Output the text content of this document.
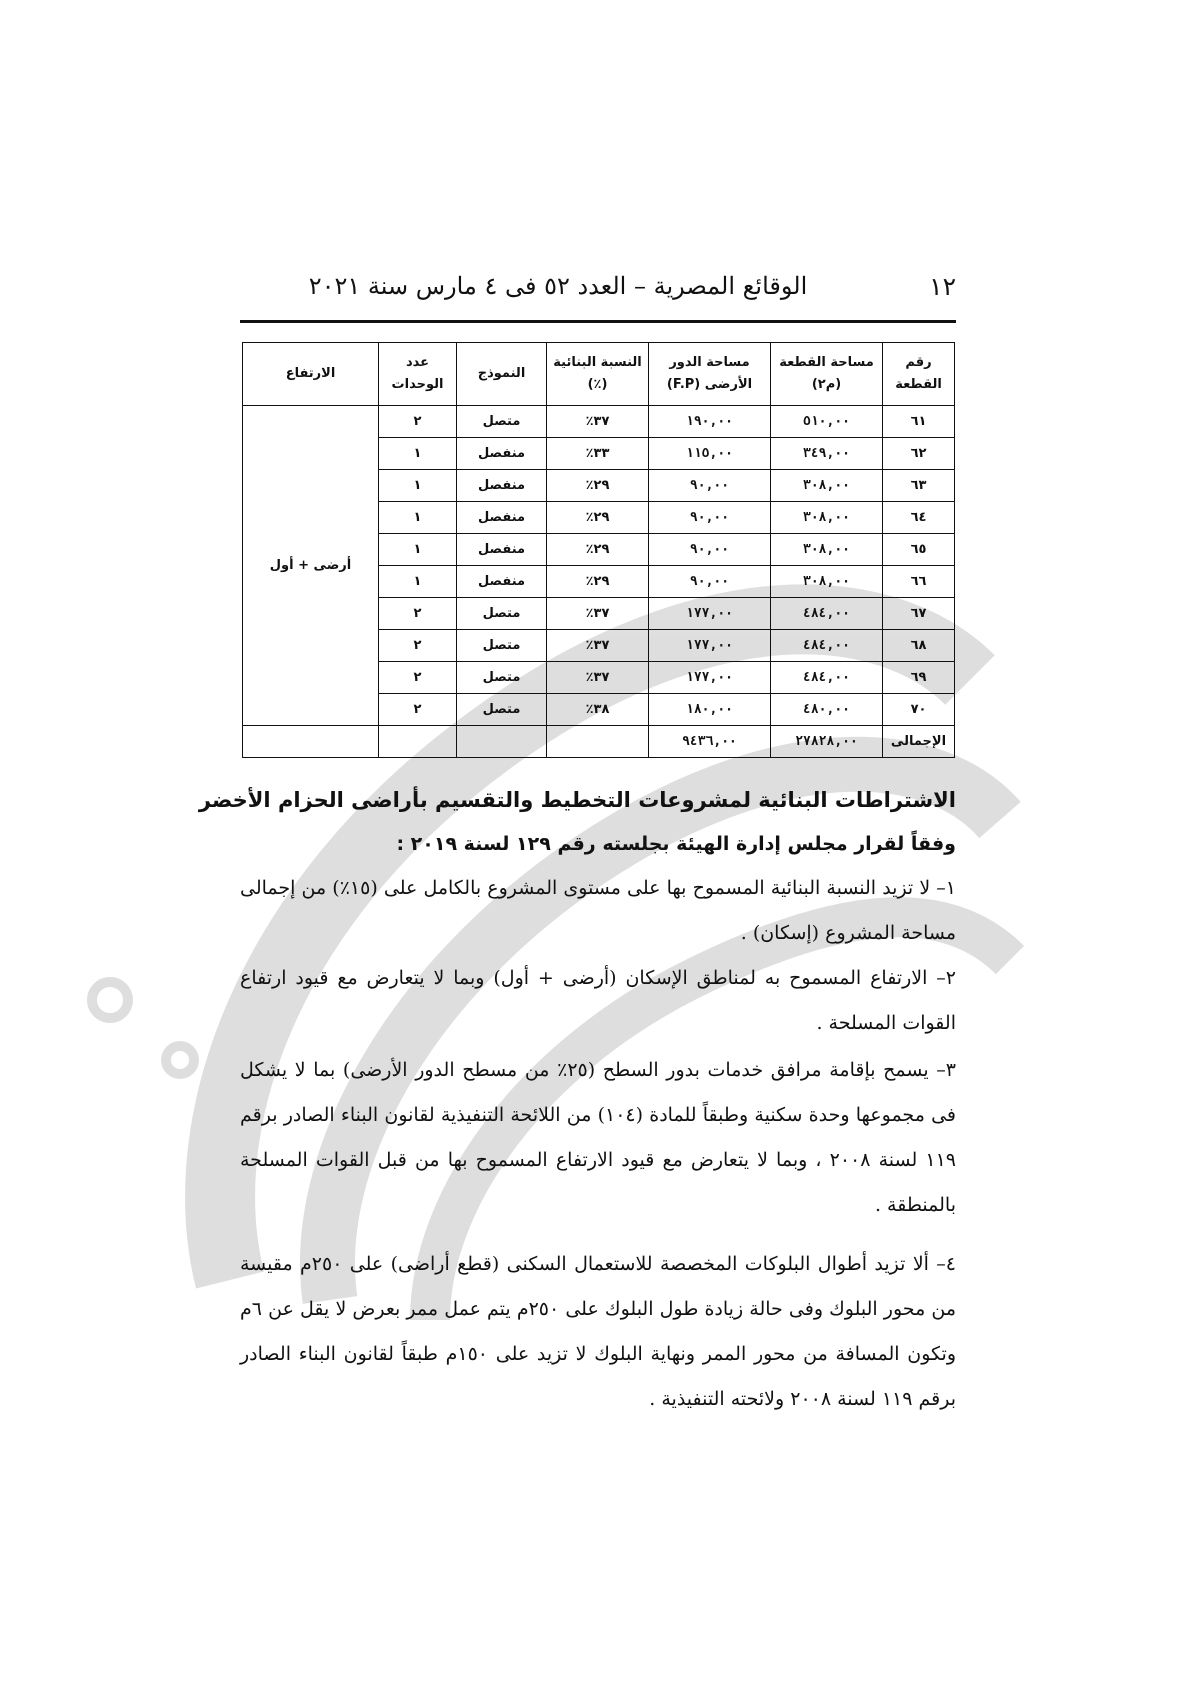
١٢
الوقائع المصرية – العدد ٥٢ فى ٤ مارس سنة ٢٠٢١
رقم القطعة	مساحة القطعة (م٢)	مساحة الدور الأرضى (F.P)	النسبة البنائية (٪)	النموذج	عدد الوحدات	الارتفاع
٦١	٥١٠,٠٠	١٩٠,٠٠	٣٧٪	متصل	٢	أرضى + أول
٦٢	٣٤٩,٠٠	١١٥,٠٠	٣٣٪	منفصل	١	
٦٣	٣٠٨,٠٠	٩٠,٠٠	٢٩٪	منفصل	١	
٦٤	٣٠٨,٠٠	٩٠,٠٠	٢٩٪	منفصل	١	
٦٥	٣٠٨,٠٠	٩٠,٠٠	٢٩٪	منفصل	١	
٦٦	٣٠٨,٠٠	٩٠,٠٠	٢٩٪	منفصل	١	
٦٧	٤٨٤,٠٠	١٧٧,٠٠	٣٧٪	متصل	٢	
٦٨	٤٨٤,٠٠	١٧٧,٠٠	٣٧٪	متصل	٢	
٦٩	٤٨٤,٠٠	١٧٧,٠٠	٣٧٪	متصل	٢	
٧٠	٤٨٠,٠٠	١٨٠,٠٠	٣٨٪	متصل	٢	
الإجمالى	٢٧٨٢٨,٠٠	٩٤٣٦,٠٠				
الاشتراطات البنائية لمشروعات التخطيط والتقسيم بأراضى الحزام الأخضر
وفقاً لقرار مجلس إدارة الهيئة بجلسته رقم ١٢٩ لسنة ٢٠١٩ :
١– لا تزيد النسبة البنائية المسموح بها على مستوى المشروع بالكامل على (١٥٪) من إجمالى مساحة المشروع (إسكان) .
٢– الارتفاع المسموح به لمناطق الإسكان (أرضى + أول) وبما لا يتعارض مع قيود ارتفاع القوات المسلحة .
٣– يسمح بإقامة مرافق خدمات بدور السطح (٢٥٪ من مسطح الدور الأرضى) بما لا يشكل فى مجموعها وحدة سكنية وطبقاً للمادة (١٠٤) من اللائحة التنفيذية لقانون البناء الصادر برقم ١١٩ لسنة ٢٠٠٨ ، وبما لا يتعارض مع قيود الارتفاع المسموح بها من قبل القوات المسلحة بالمنطقة .
٤– ألا تزيد أطوال البلوكات المخصصة للاستعمال السكنى (قطع أراضى) على ٢٥٠م مقيسة من محور البلوك وفى حالة زيادة طول البلوك على ٢٥٠م يتم عمل ممر بعرض لا يقل عن ٦م وتكون المسافة من محور الممر ونهاية البلوك لا تزيد على ١٥٠م طبقاً لقانون البناء الصادر برقم ١١٩ لسنة ٢٠٠٨ ولائحته التنفيذية .
